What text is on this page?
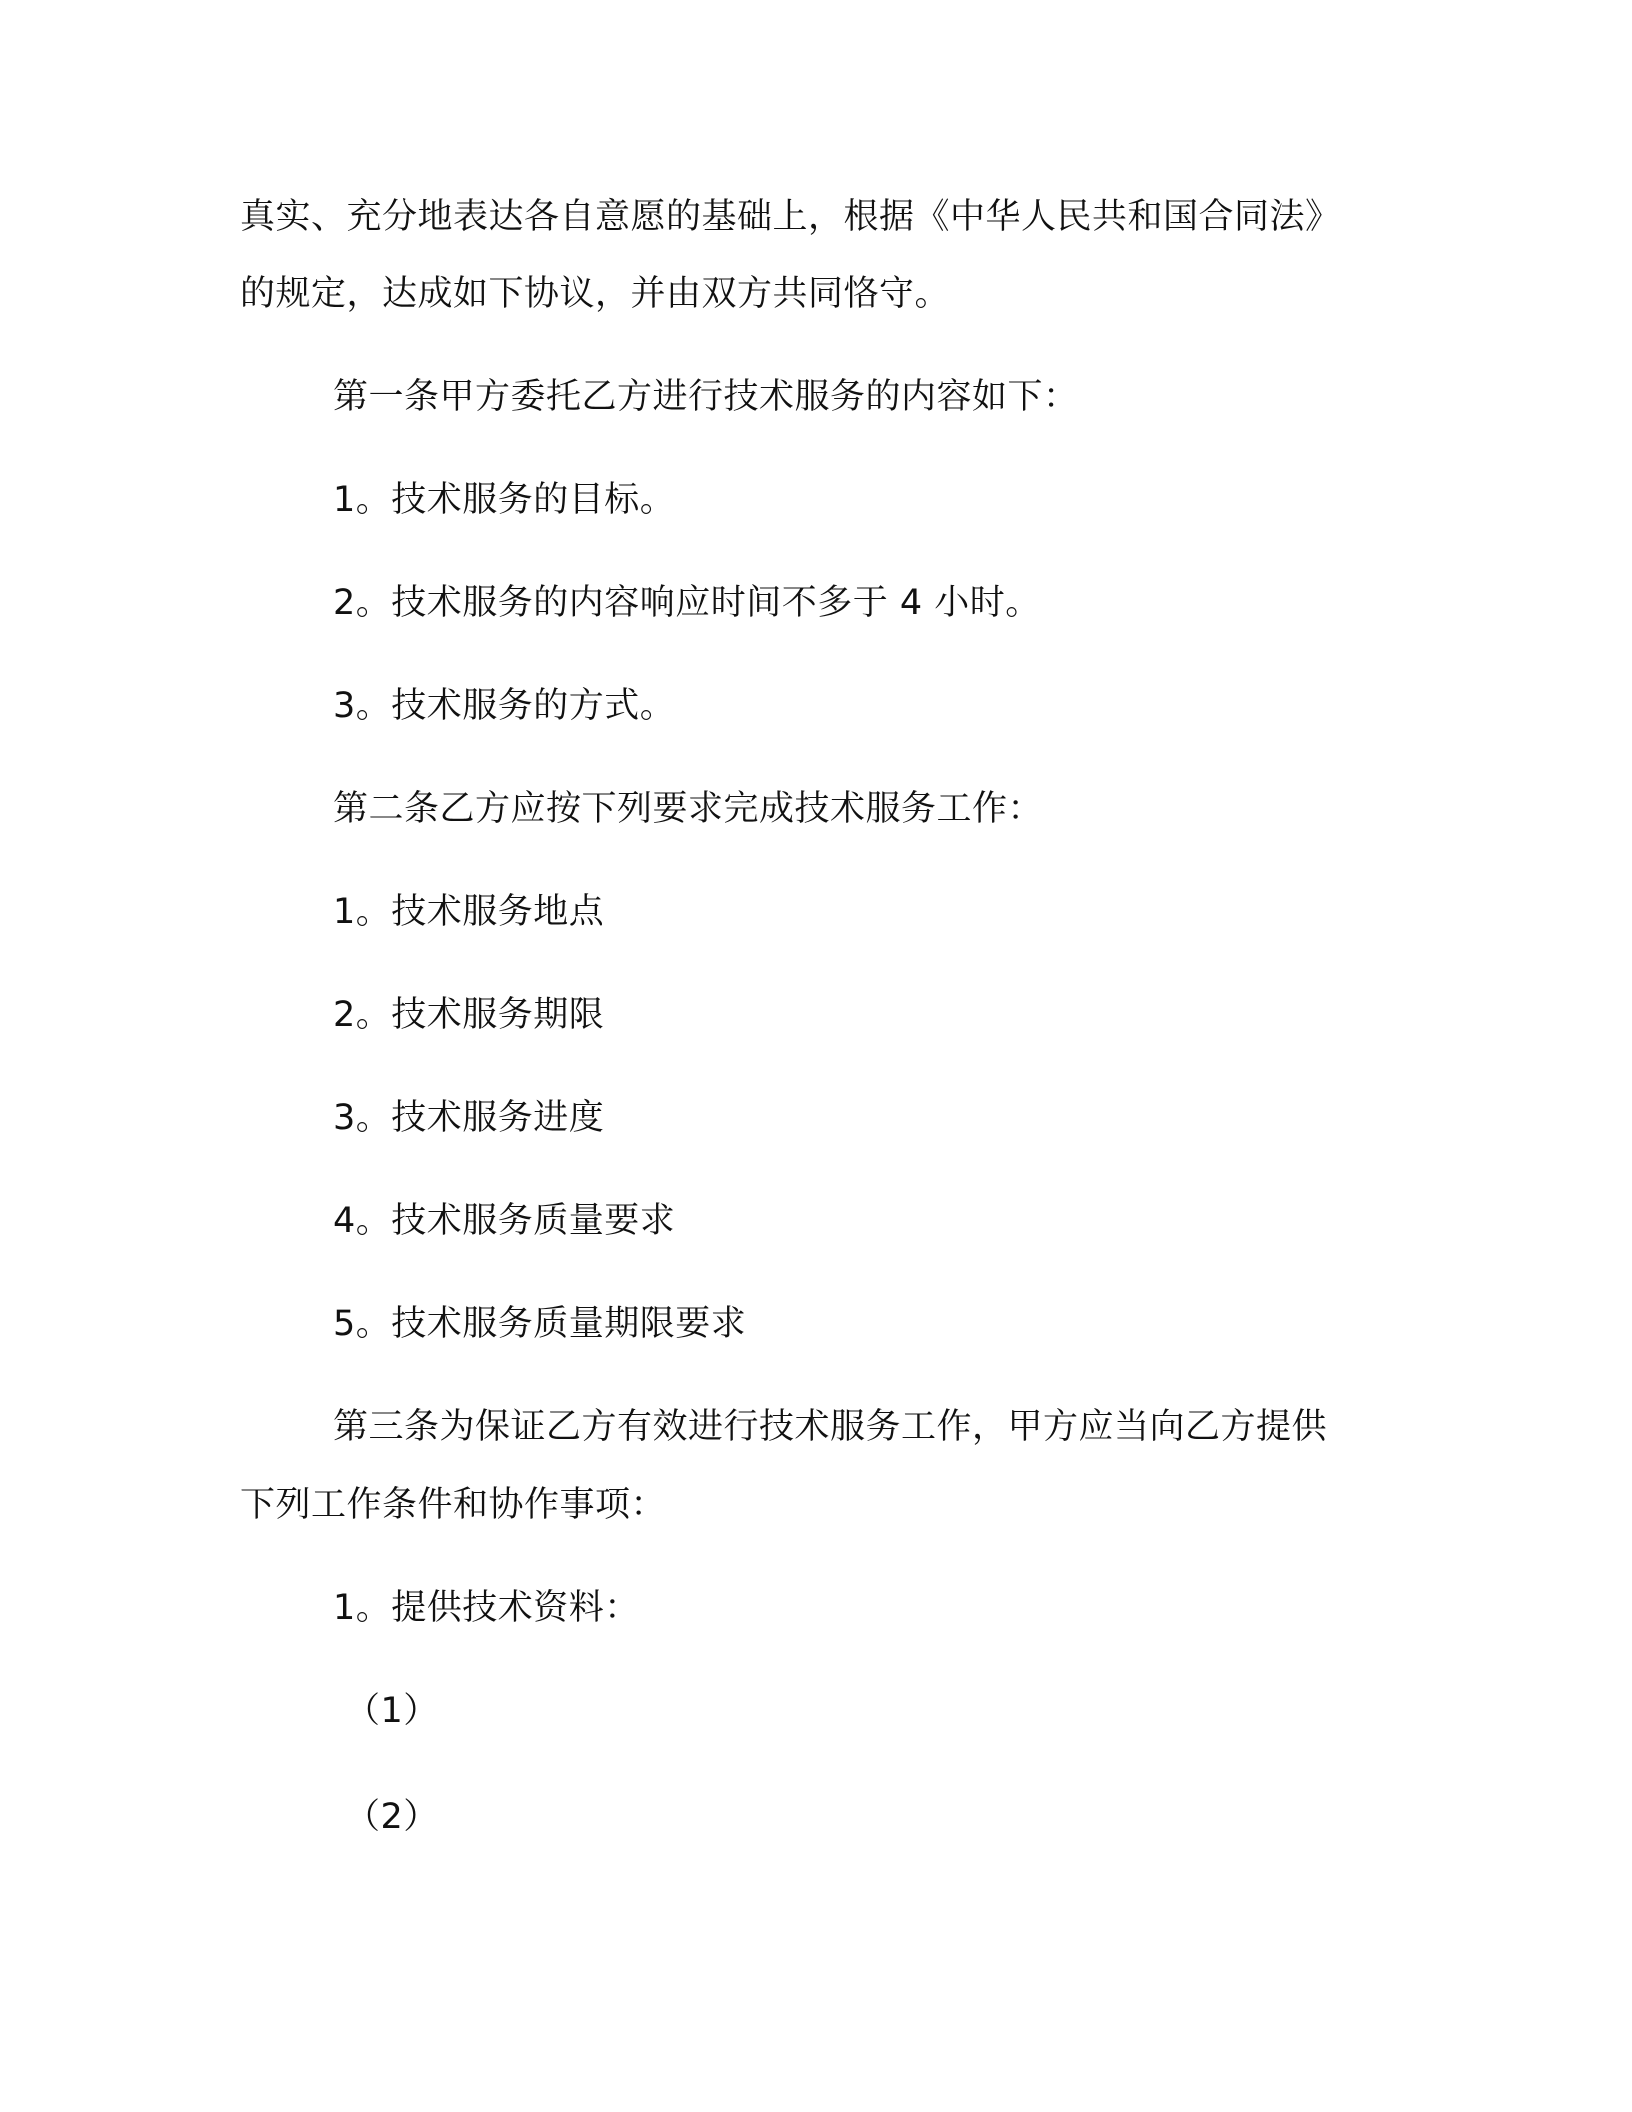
真实、充分地表达各自意愿的基础上，根据《中华人民共和国合同法》
的规定，达成如下协议，并由双方共同恪守。
第一条甲方委托乙方进行技术服务的内容如下：
1。技术服务的目标。
2。技术服务的内容响应时间不多于 4 小时。
3。技术服务的方式。
第二条乙方应按下列要求完成技术服务工作：
1。技术服务地点
2。技术服务期限
3。技术服务进度
4。技术服务质量要求
5。技术服务质量期限要求
第三条为保证乙方有效进行技术服务工作，甲方应当向乙方提供
下列工作条件和协作事项：
1。提供技术资料：
（1）
（2）
